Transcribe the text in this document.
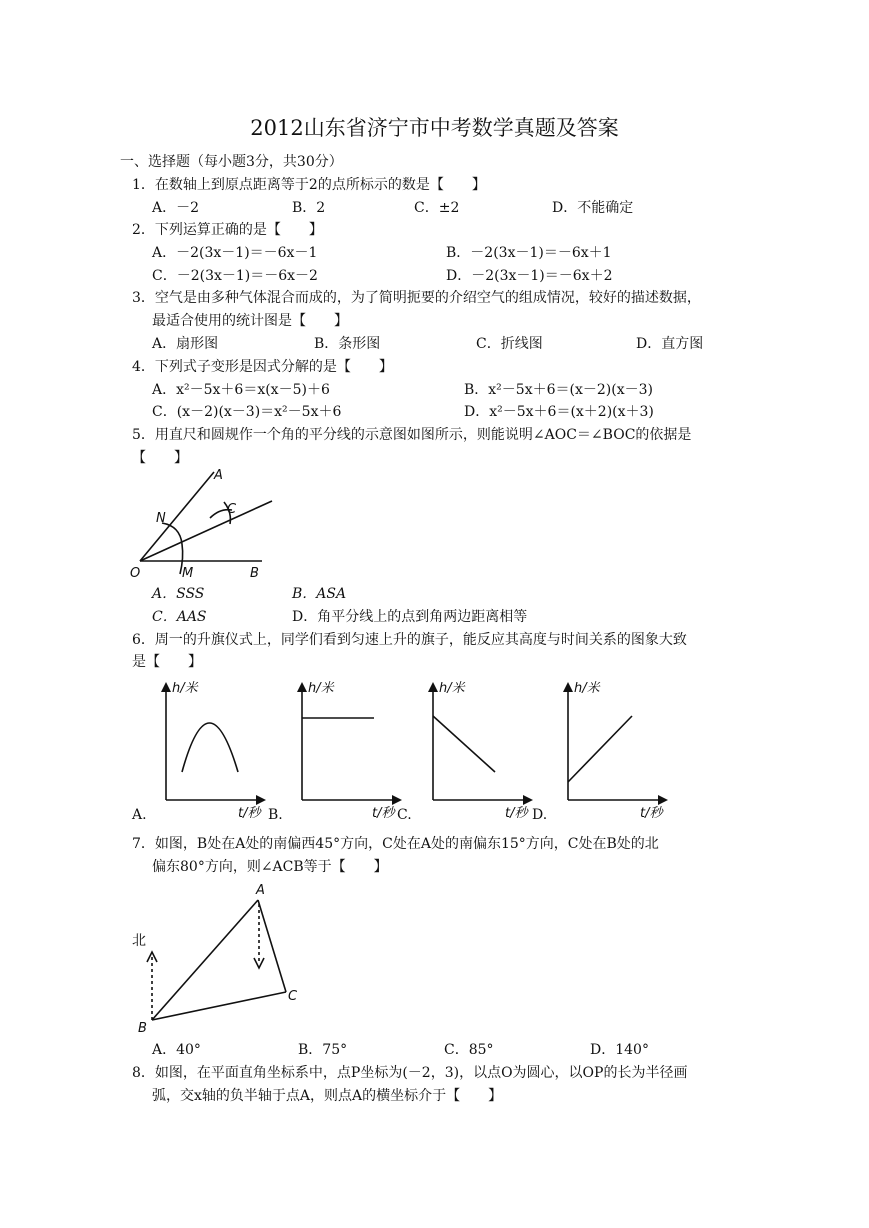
2012山东省济宁市中考数学真题及答案
一、选择题（每小题3分，共30分）
1．在数轴上到原点距离等于2的点所标示的数是【　　】
A．－2	B．2	C．±2	D．不能确定
2．下列运算正确的是【　　】
A．－2(3x－1)＝－6x－1	B．－2(3x－1)＝－6x＋1
C．－2(3x－1)＝－6x－2	D．－2(3x－1)＝－6x＋2
3．空气是由多种气体混合而成的，为了简明扼要的介绍空气的组成情况，较好的描述数据，
最适合使用的统计图是【　　】
A．扇形图	B．条形图	C．折线图	D．直方图
4．下列式子变形是因式分解的是【　　】
A．x²－5x＋6＝x(x－5)＋6	B．x²－5x＋6＝(x－2)(x－3)
C．(x－2)(x－3)＝x²－5x＋6	D．x²－5x＋6＝(x＋2)(x＋3)
5．用直尺和圆规作一个角的平分线的示意图如图所示，则能说明∠AOC＝∠BOC的依据是
【　　】
A
N
C
O	M	B
A．SSS	B．ASA
C．AAS	D．角平分线上的点到角两边距离相等
6．周一的升旗仪式上，同学们看到匀速上升的旗子，能反应其高度与时间关系的图象大致
是【　　】
h/米
t/秒
A.
h/米
t/秒
B.
h/米
t/秒
C.
h/米
t/秒
D.
7．如图，B处在A处的南偏西45°方向，C处在A处的南偏东15°方向，C处在B处的北
偏东80°方向，则∠ACB等于【　　】
北
A
B
C
A．40°	B．75°	C．85°	D．140°
8．如图，在平面直角坐标系中，点P坐标为(－2，3)，以点O为圆心，以OP的长为半径画
弧，交x轴的负半轴于点A，则点A的横坐标介于【　　】
